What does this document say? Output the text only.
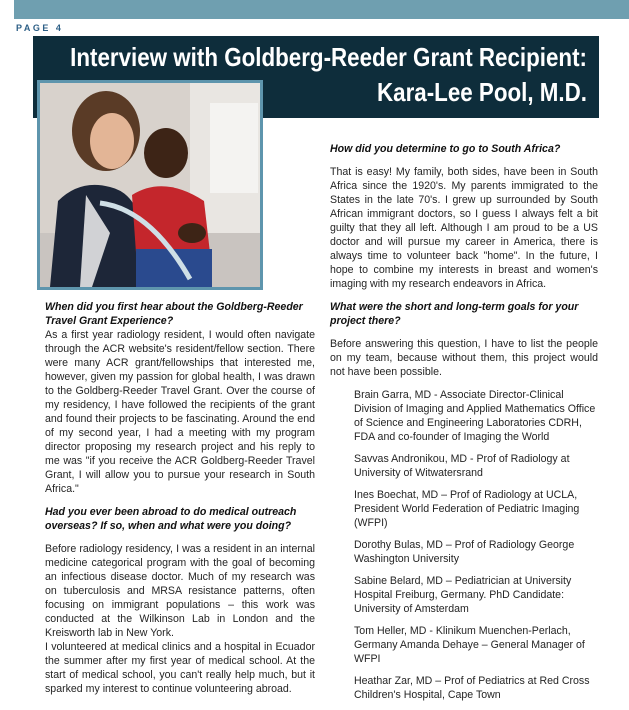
PAGE 4
Interview with Goldberg-Reeder Grant Recipient:
Kara-Lee Pool, M.D.

When did you first hear about the Goldberg-Reeder Travel Grant Experience?

As a first year radiology resident, I would often navigate through the ACR website's resident/fellow section. There were many ACR grant/fellowships that interested me, however, given my passion for global health, I was drawn to the Goldberg-Reeder Travel Grant. Over the course of my residency, I have followed the recipients of the grant and found their projects to be fascinating. Around the end of my second year, I had a meeting with my program director proposing my research project and his reply to me was "if you receive the ACR Goldberg-Reeder Travel Grant, I will allow you to pursue your research in South Africa."

Had you ever been abroad to do medical outreach overseas? If so, when and what were you doing?

Before radiology residency, I was a resident in an internal medicine categorical program with the goal of becoming an infectious disease doctor. Much of my research was on tuberculosis and MRSA resistance patterns, often focusing on immigrant populations – this work was conducted at the Wilkinson Lab in London and the Kreisworth lab in New York.

I volunteered at medical clinics and a hospital in Ecuador the summer after my first year of medical school. At the start of medical school, you can't really help much, but it sparked my interest to continue volunteering abroad.

How did you determine to go to South Africa?

That is easy! My family, both sides, have been in South Africa since the 1920's. My parents immigrated to the States in the late 70's. I grew up surrounded by South African immigrant doctors, so I guess I always felt a bit guilty that they all left. Although I am proud to be a US doctor and will pursue my career in America, there is always time to volunteer back "home". In the future, I hope to combine my interests in breast and women's imaging with my research endeavors in Africa.

What were the short and long-term goals for your project there?

Before answering this question, I have to list the people on my team, because without them, this project would not have been possible.

Brain Garra, MD - Associate Director-Clinical Division of Imaging and Applied Mathematics Office of Science and Engineering Laboratories CDRH, FDA and co-founder of Imaging the World

Savvas Andronikou, MD - Prof of Radiology at University of Witwatersrand

Ines Boechat, MD – Prof of Radiology at UCLA, President World Federation of Pediatric Imaging (WFPI)

Dorothy Bulas, MD – Prof of Radiology George Washington University

Sabine Belard, MD – Pediatrician at University Hospital Freiburg, Germany. PhD Candidate: University of Amsterdam

Tom Heller, MD - Klinikum Muenchen-Perlach, Germany Amanda Dehaye – General Manager of WFPI

Heathar Zar, MD – Prof of Pediatrics at Red Cross Children's Hospital, Cape Town
